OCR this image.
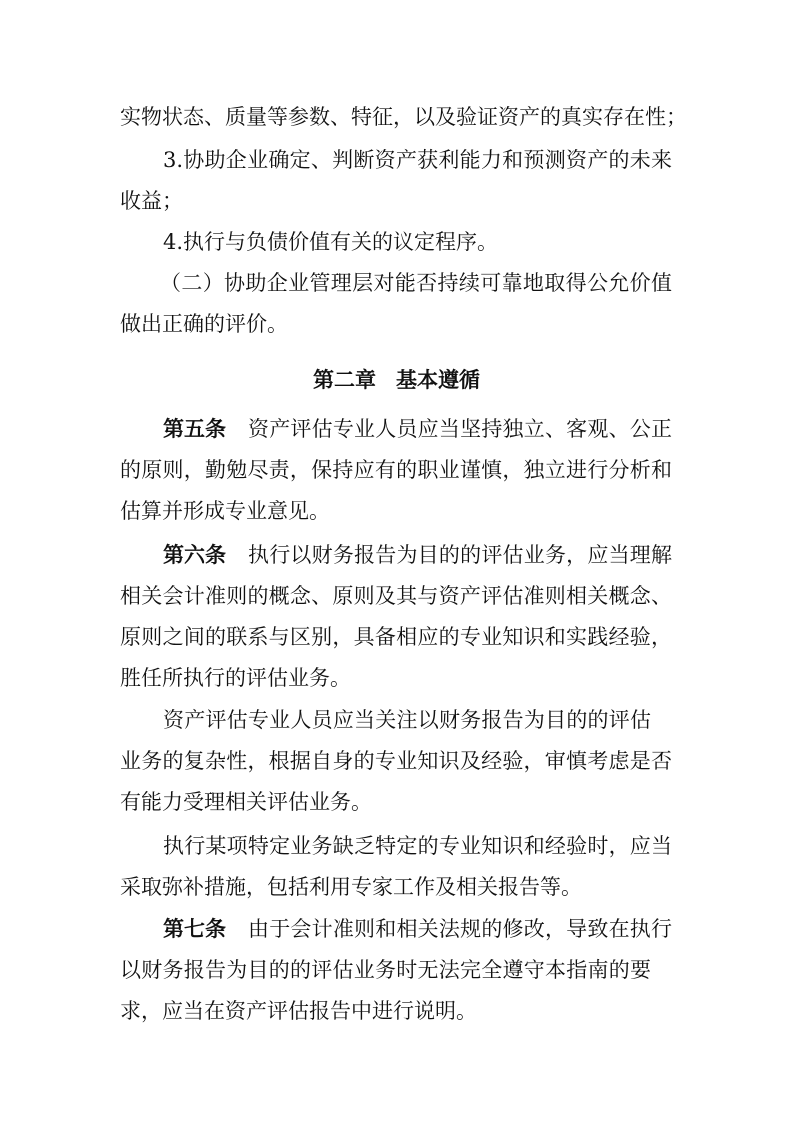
实物状态、质量等参数、特征，以及验证资产的真实存在性；
3.协助企业确定、判断资产获利能力和预测资产的未来
收益；
4.执行与负债价值有关的议定程序。
（二）协助企业管理层对能否持续可靠地取得公允价值
做出正确的评价。
第二章 基本遵循
第五条 资产评估专业人员应当坚持独立、客观、公正
的原则，勤勉尽责，保持应有的职业谨慎，独立进行分析和
估算并形成专业意见。
第六条 执行以财务报告为目的的评估业务，应当理解
相关会计准则的概念、原则及其与资产评估准则相关概念、
原则之间的联系与区别，具备相应的专业知识和实践经验，
胜任所执行的评估业务。
资产评估专业人员应当关注以财务报告为目的的评估
业务的复杂性，根据自身的专业知识及经验，审慎考虑是否
有能力受理相关评估业务。
执行某项特定业务缺乏特定的专业知识和经验时，应当
采取弥补措施，包括利用专家工作及相关报告等。
第七条 由于会计准则和相关法规的修改，导致在执行
以财务报告为目的的评估业务时无法完全遵守本指南的要
求，应当在资产评估报告中进行说明。
